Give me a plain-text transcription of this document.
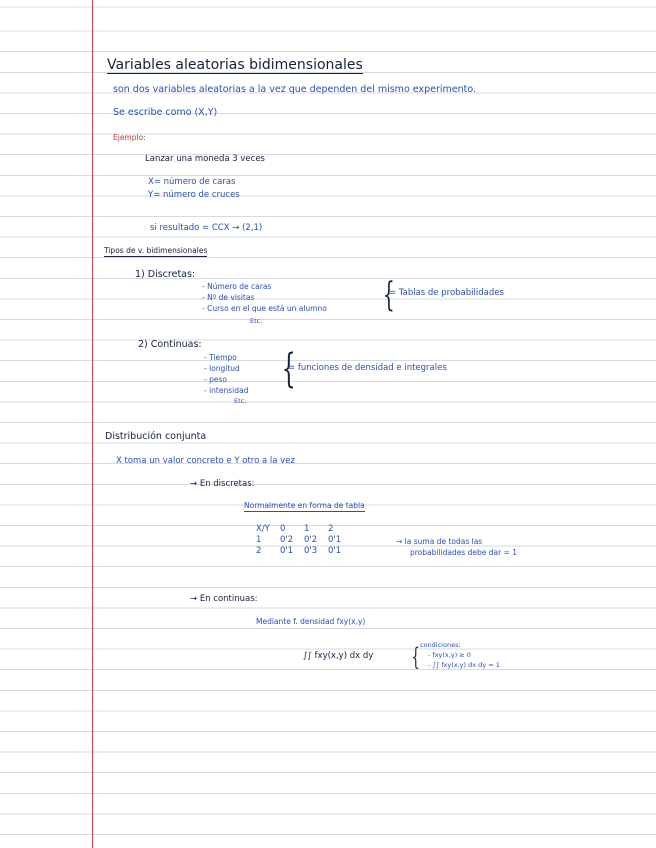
Variables aleatorias bidimensionales
son dos variables aleatorias a la vez que dependen del mismo experimento.
Se escribe como (X,Y)
Ejemplo:
Lanzar una moneda 3 veces
X= número de caras
Y= número de cruces
si resultado = CCX → (2,1)
Tipos de v. bidimensionales
1) Discretas:
- Número de caras
- Nº de visitas
- Curso en el que está un alumno
Etc.
{
= Tablas de probabilidades
2) Continuas:
- Tiempo
- longitud
- peso
- intensidad
Etc.
{
= funciones de densidad e integrales
Distribución conjunta
X toma un valor concreto e Y otro a la vez
→ En discretas:
Normalmente en forma de tabla
X/Y	0	1	2
1	0'2	0'2	0'1
2	0'1	0'3	0'1
→ la suma de todas las
probabilidades debe dar = 1
→ En continuas:
Mediante f. densidad fxy(x,y)
∫∫ fxy(x,y) dx dy { condiciones:
- fxy(x,y) ≥ 0
- ∫∫ fxy(x,y) dx dy = 1
